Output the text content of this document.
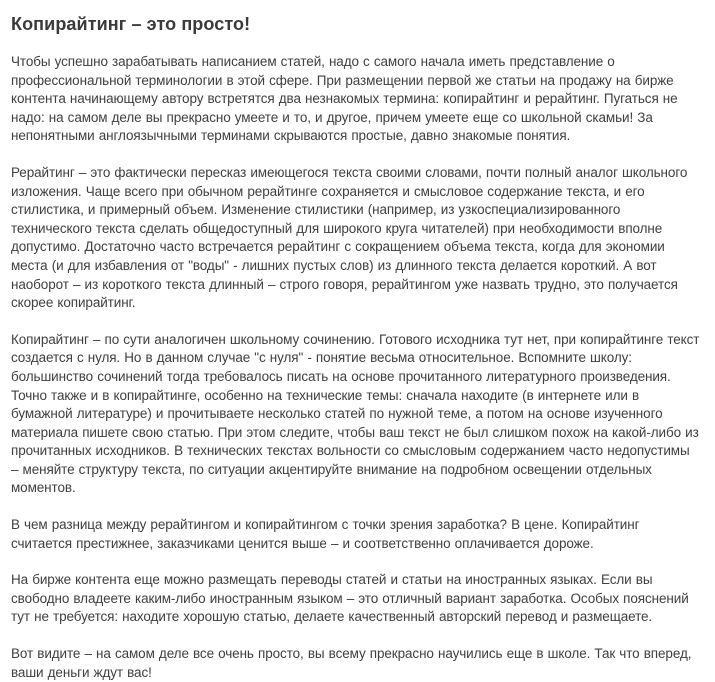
Копирайтинг – это просто!

Чтобы успешно зарабатывать написанием статей, надо с самого начала иметь представление о профессиональной терминологии в этой сфере. При размещении первой же статьи на продажу на бирже контента начинающему автору встретятся два незнакомых термина: копирайтинг и рерайтинг. Пугаться не надо: на самом деле вы прекрасно умеете и то, и другое, причем умеете еще со школьной скамьи! За непонятными англоязычными терминами скрываются простые, давно знакомые понятия.

Рерайтинг – это фактически пересказ имеющегося текста своими словами, почти полный аналог школьного изложения. Чаще всего при обычном рерайтинге сохраняется и смысловое содержание текста, и его стилистика, и примерный объем. Изменение стилистики (например, из узкоспециализированного технического текста сделать общедоступный для широкого круга читателей) при необходимости вполне допустимо. Достаточно часто встречается рерайтинг с сокращением объема текста, когда для экономии места (и для избавления от "воды" - лишних пустых слов) из длинного текста делается короткий. А вот наоборот – из короткого текста длинный – строго говоря, рерайтингом уже назвать трудно, это получается скорее копирайтинг.

Копирайтинг – по сути аналогичен школьному сочинению. Готового исходника тут нет, при копирайтинге текст создается с нуля. Но в данном случае "с нуля" - понятие весьма относительное. Вспомните школу: большинство сочинений тогда требовалось писать на основе прочитанного литературного произведения. Точно также и в копирайтинге, особенно на технические темы: сначала находите (в интернете или в бумажной литературе) и прочитываете несколько статей по нужной теме, а потом на основе изученного материала пишете свою статью. При этом следите, чтобы ваш текст не был слишком похож на какой-либо из прочитанных исходников. В технических текстах вольности со смысловым содержанием часто недопустимы – меняйте структуру текста, по ситуации акцентируйте внимание на подробном освещении отдельных моментов.

В чем разница между рерайтингом и копирайтингом с точки зрения заработка? В цене. Копирайтинг считается престижнее, заказчиками ценится выше – и соответственно оплачивается дороже.

На бирже контента еще можно размещать переводы статей и статьи на иностранных языках. Если вы свободно владеете каким-либо иностранным языком – это отличный вариант заработка. Особых пояснений тут не требуется: находите хорошую статью, делаете качественный авторский перевод и размещаете.

Вот видите – на самом деле все очень просто, вы всему прекрасно научились еще в школе. Так что вперед, ваши деньги ждут вас!
